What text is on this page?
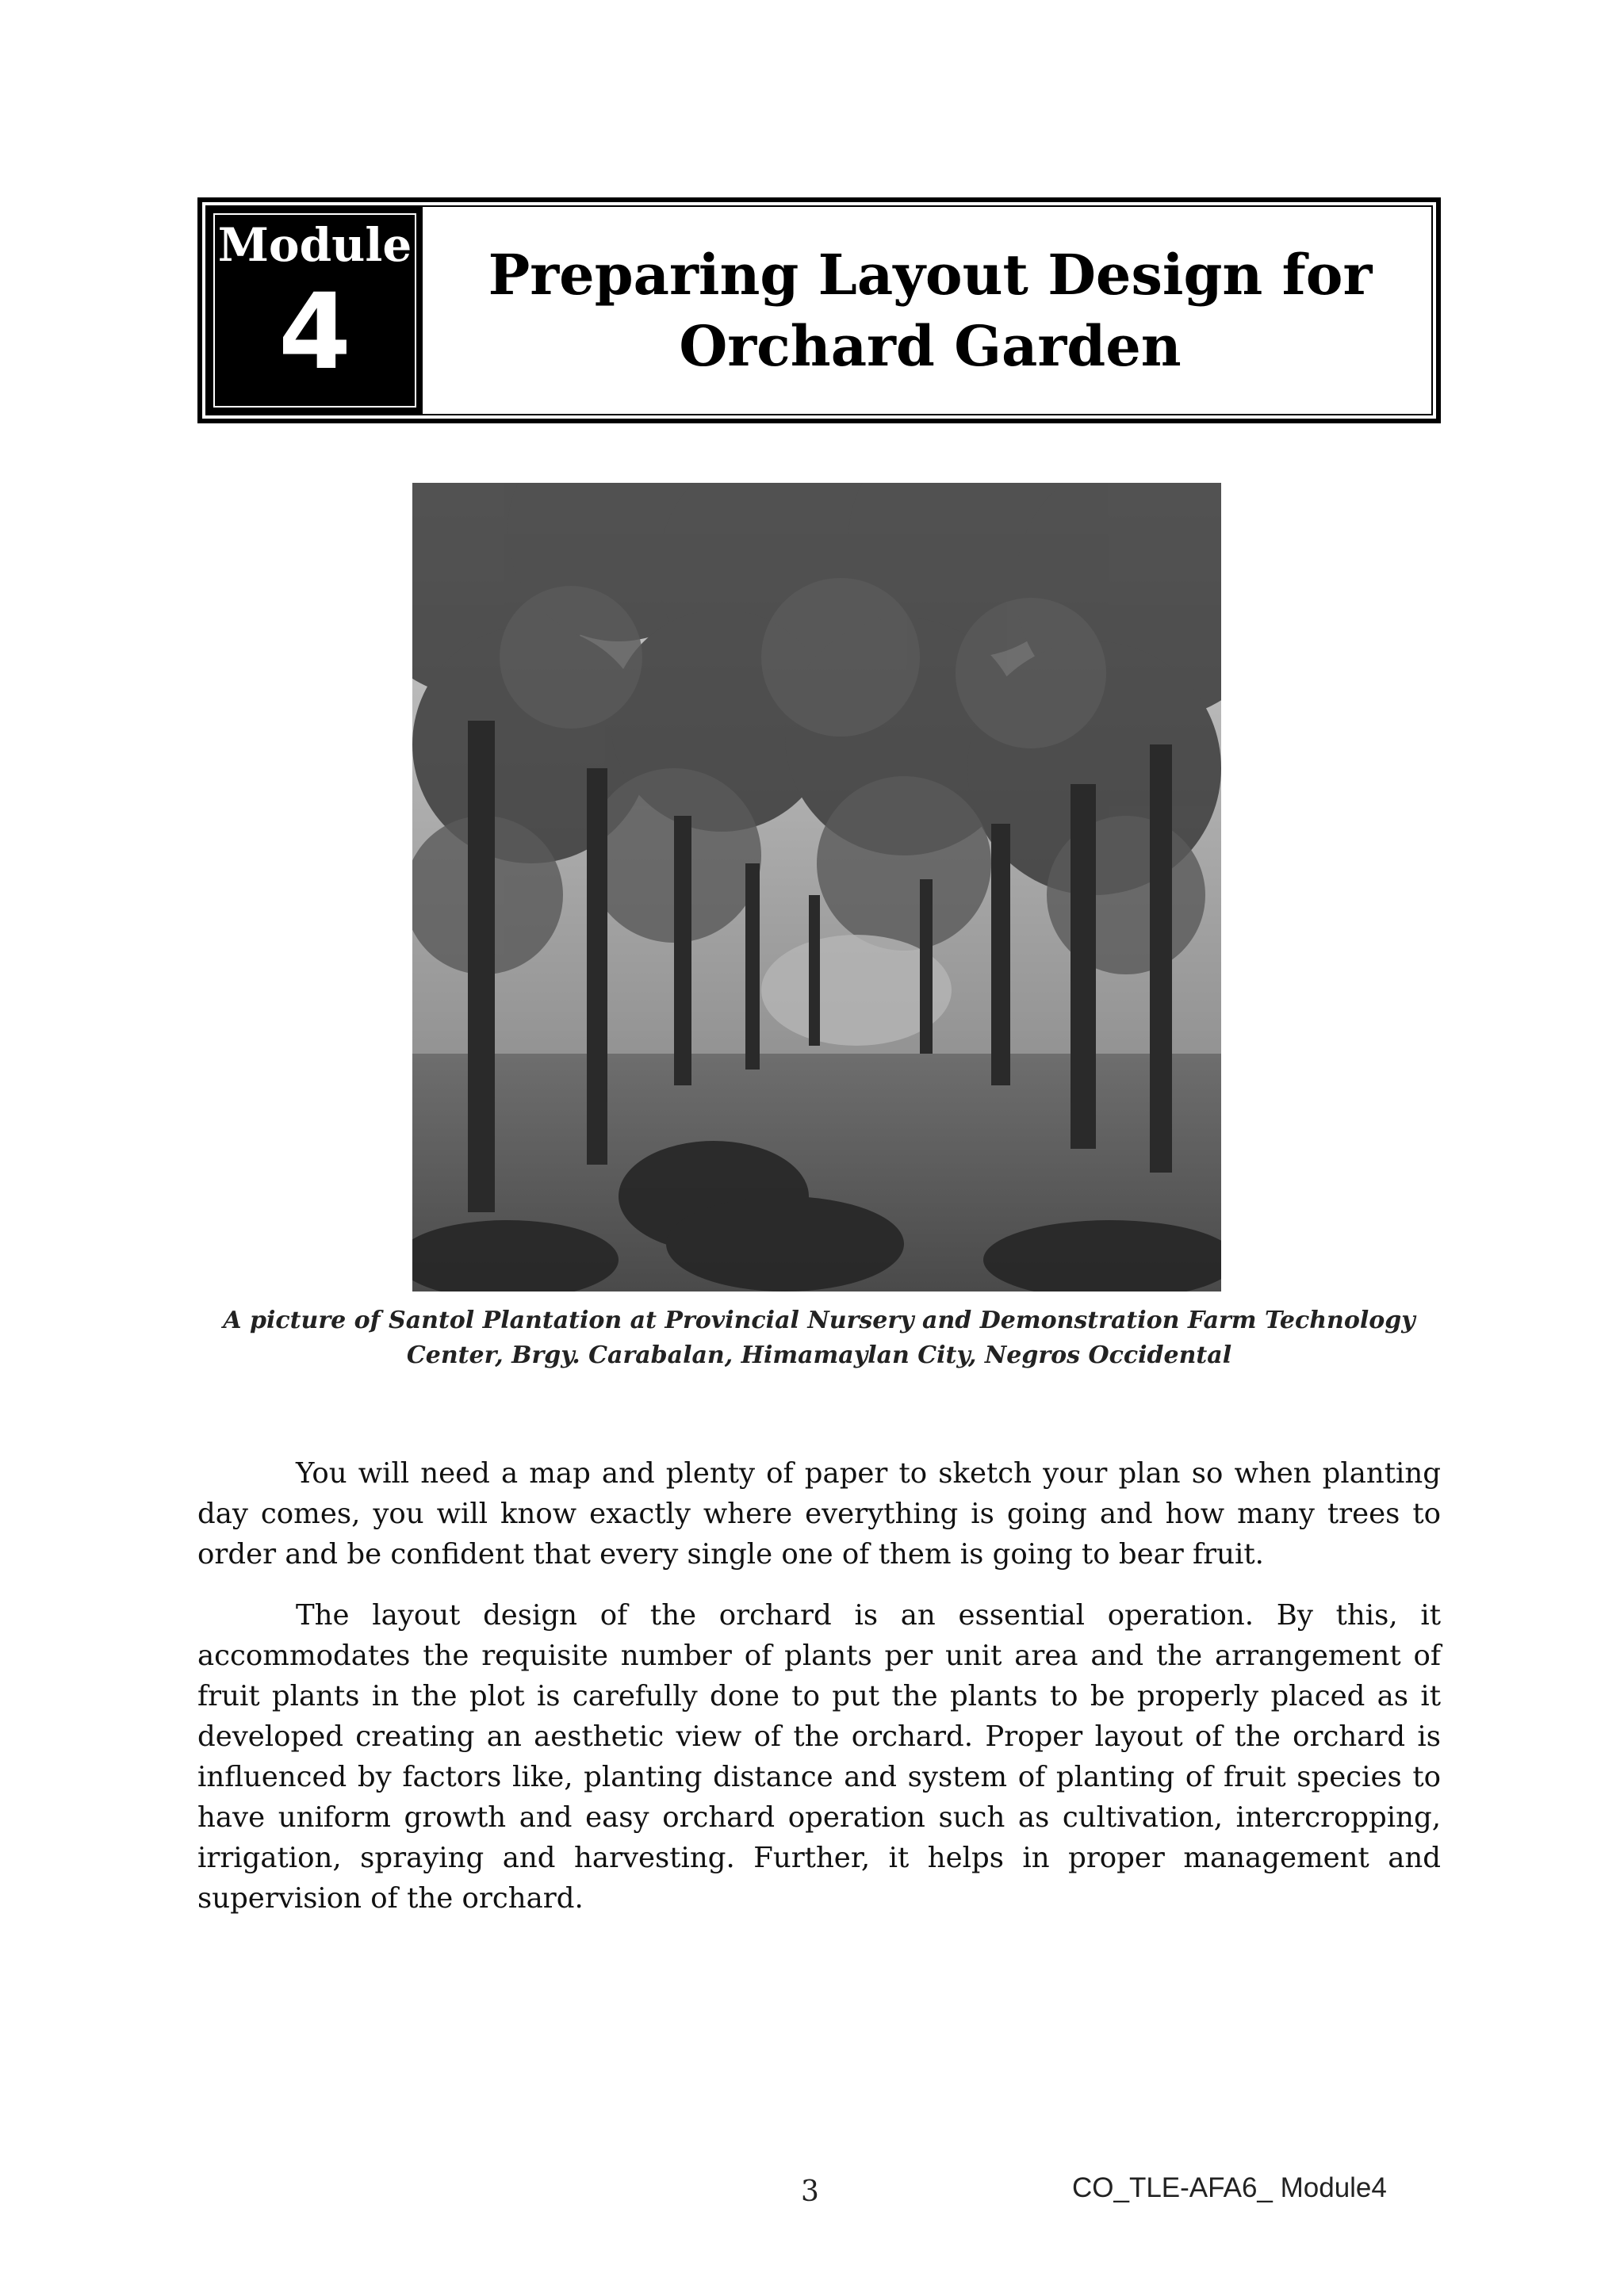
Module
4	Preparing Layout Design for
Orchard Garden
A picture of Santol Plantation at Provincial Nursery and Demonstration Farm Technology
Center, Brgy. Carabalan, Himamaylan City, Negros Occidental

You will need a map and plenty of paper to sketch your plan so when planting day comes, you will know exactly where everything is going and how many trees to order and be confident that every single one of them is going to bear fruit.

The layout design of the orchard is an essential operation. By this, it accommodates the requisite number of plants per unit area and the arrangement of fruit plants in the plot is carefully done to put the plants to be properly placed as it developed creating an aesthetic view of the orchard. Proper layout of the orchard is influenced by factors like, planting distance and system of planting of fruit species to have uniform growth and easy orchard operation such as cultivation, intercropping, irrigation, spraying and harvesting. Further, it helps in proper management and supervision of the orchard.

3	CO_TLE-AFA6_ Module4
